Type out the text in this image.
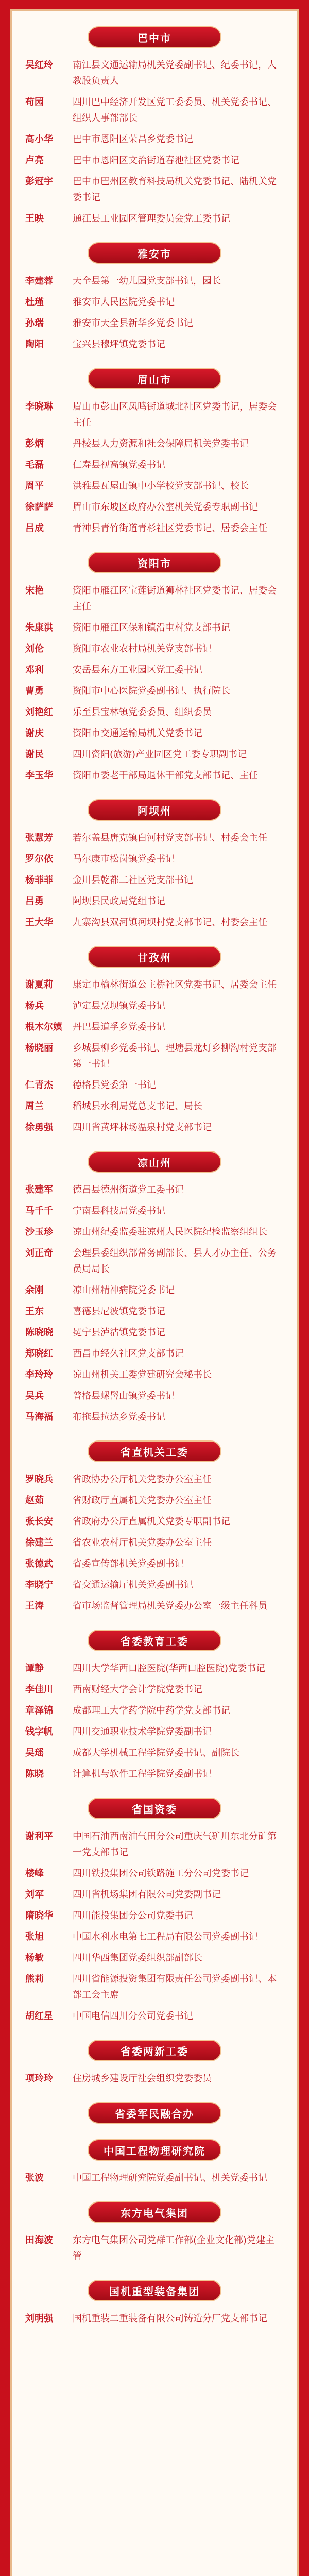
巴中市
吴红玲	南江县文通运输局机关党委副书记、纪委书记，人教股负责人
苟园	四川巴中经济开发区党工委委员、机关党委书记、组织人事部部长
高小华	巴中市恩阳区荣昌乡党委书记
卢亮	巴中市恩阳区文治街道春池社区党委书记
彭冠宇	巴中市巴州区教育科技局机关党委书记、陆机关党委书记
王映	通江县工业园区管理委员会党工委书记
雅安市
李建蓉	天全县第一幼儿园党支部书记，园长
杜瑾	雅安市人民医院党委书记
孙瑞	雅安市天全县新华乡党委书记
陶阳	宝兴县穆坪镇党委书记
眉山市
李晓琳	眉山市彭山区凤鸣街道城北社区党委书记，居委会主任
彭炳	丹棱县人力资源和社会保障局机关党委书记
毛磊	仁寿县视高镇党委书记
周平	洪雅县瓦屋山镇中小学校党支部书记、校长
徐萨萨	眉山市东坡区政府办公室机关党委专职副书记
吕成	青神县青竹街道青杉社区党委书记、居委会主任
资阳市
宋艳	资阳市雁江区宝莲街道狮林社区党委书记、居委会主任
朱康洪	资阳市雁江区保和镇沿屯村党支部书记
刘伦	资阳市农业农村局机关党支部书记
邓利	安岳县东方工业园区党工委书记
曹勇	资阳市中心医院党委副书记、执行院长
刘艳红	乐至县宝林镇党委委员、组织委员
谢庆	资阳市交通运输局机关党委书记
谢民	四川资阳(旅游)产业园区党工委专职副书记
李玉华	资阳市委老干部局退休干部党支部书记、主任
阿坝州
张慧芳	若尔盖县唐克镇白河村党支部书记、村委会主任
罗尔依	马尔康市松岗镇党委书记
杨菲菲	金川县乾都二社区党支部书记
吕勇	阿坝县民政局党组书记
王大华	九寨沟县双河镇河坝村党支部书记、村委会主任
甘孜州
谢夏莉	康定市榆林街道公主桥社区党委书记、居委会主任
杨兵	泸定县烹坝镇党委书记
根木尔嫫	丹巴县道孚乡党委书记
杨晓丽	乡城县柳乡党委书记、理塘县龙灯乡柳沟村党支部第一书记
仁青杰	德格县党委第一书记
周兰	稻城县水利局党总支书记、局长
徐勇强	四川省黄坪林场温泉村党支部书记
凉山州
张建军	德昌县德州街道党工委书记
马千千	宁南县科技局党委书记
沙玉珍	凉山州纪委监委驻凉州人民医院纪检监察组组长
刘正奇	会理县委组织部常务副部长、县人才办主任、公务员局局长
余刚	凉山州精神病院党委书记
王东	喜德县尼波镇党委书记
陈晓晓	冕宁县泸沽镇党委书记
郑晓红	西昌市经久社区党支部书记
李玲玲	凉山州机关工委党建研究会秘书长
吴兵	普格县螺髻山镇党委书记
马海福	布拖县拉达乡党委书记
省直机关工委
罗晓兵	省政协办公厅机关党委办公室主任
赵茹	省财政厅直属机关党委办公室主任
张长安	省政府办公厅直属机关党委专职副书记
徐建兰	省农业农村厅机关党委办公室主任
张德武	省委宣传部机关党委副书记
李晓宁	省交通运输厅机关党委副书记
王涛	省市场监督管理局机关党委办公室一级主任科员
省委教育工委
谭静	四川大学华西口腔医院(华西口腔医院)党委书记
李佳川	西南财经大学会计学院党委书记
章泽锦	成都理工大学药学院中药学党支部书记
钱字帆	四川交通职业技术学院党委副书记
吴瑶	成都大学机械工程学院党委书记、副院长
陈晓	计算机与软件工程学院党委副书记
省国资委
谢利平	中国石油西南油气田分公司重庆气矿川东北分矿第一党支部书记
楼峰	四川铁投集团公司铁路施工分公司党委书记
刘军	四川省机场集团有限公司党委副书记
隋晓华	四川能投集团分公司党委书记
张旭	中国水利水电第七工程局有限公司党委副书记
杨敏	四川华西集团党委组织部副部长
熊莉	四川省能源投资集团有限责任公司党委副书记、本部工会主席
胡红星	中国电信四川分公司党委书记
省委两新工委
项玲玲	住房城乡建设厅社会组织党委委员
省委军民融合办
中国工程物理研究院
张波	中国工程物理研究院党委副书记、机关党委书记
东方电气集团
田海波	东方电气集团公司党群工作部(企业文化部)党建主管
国机重型装备集团
刘明强	国机重装二重装备有限公司铸造分厂党支部书记
